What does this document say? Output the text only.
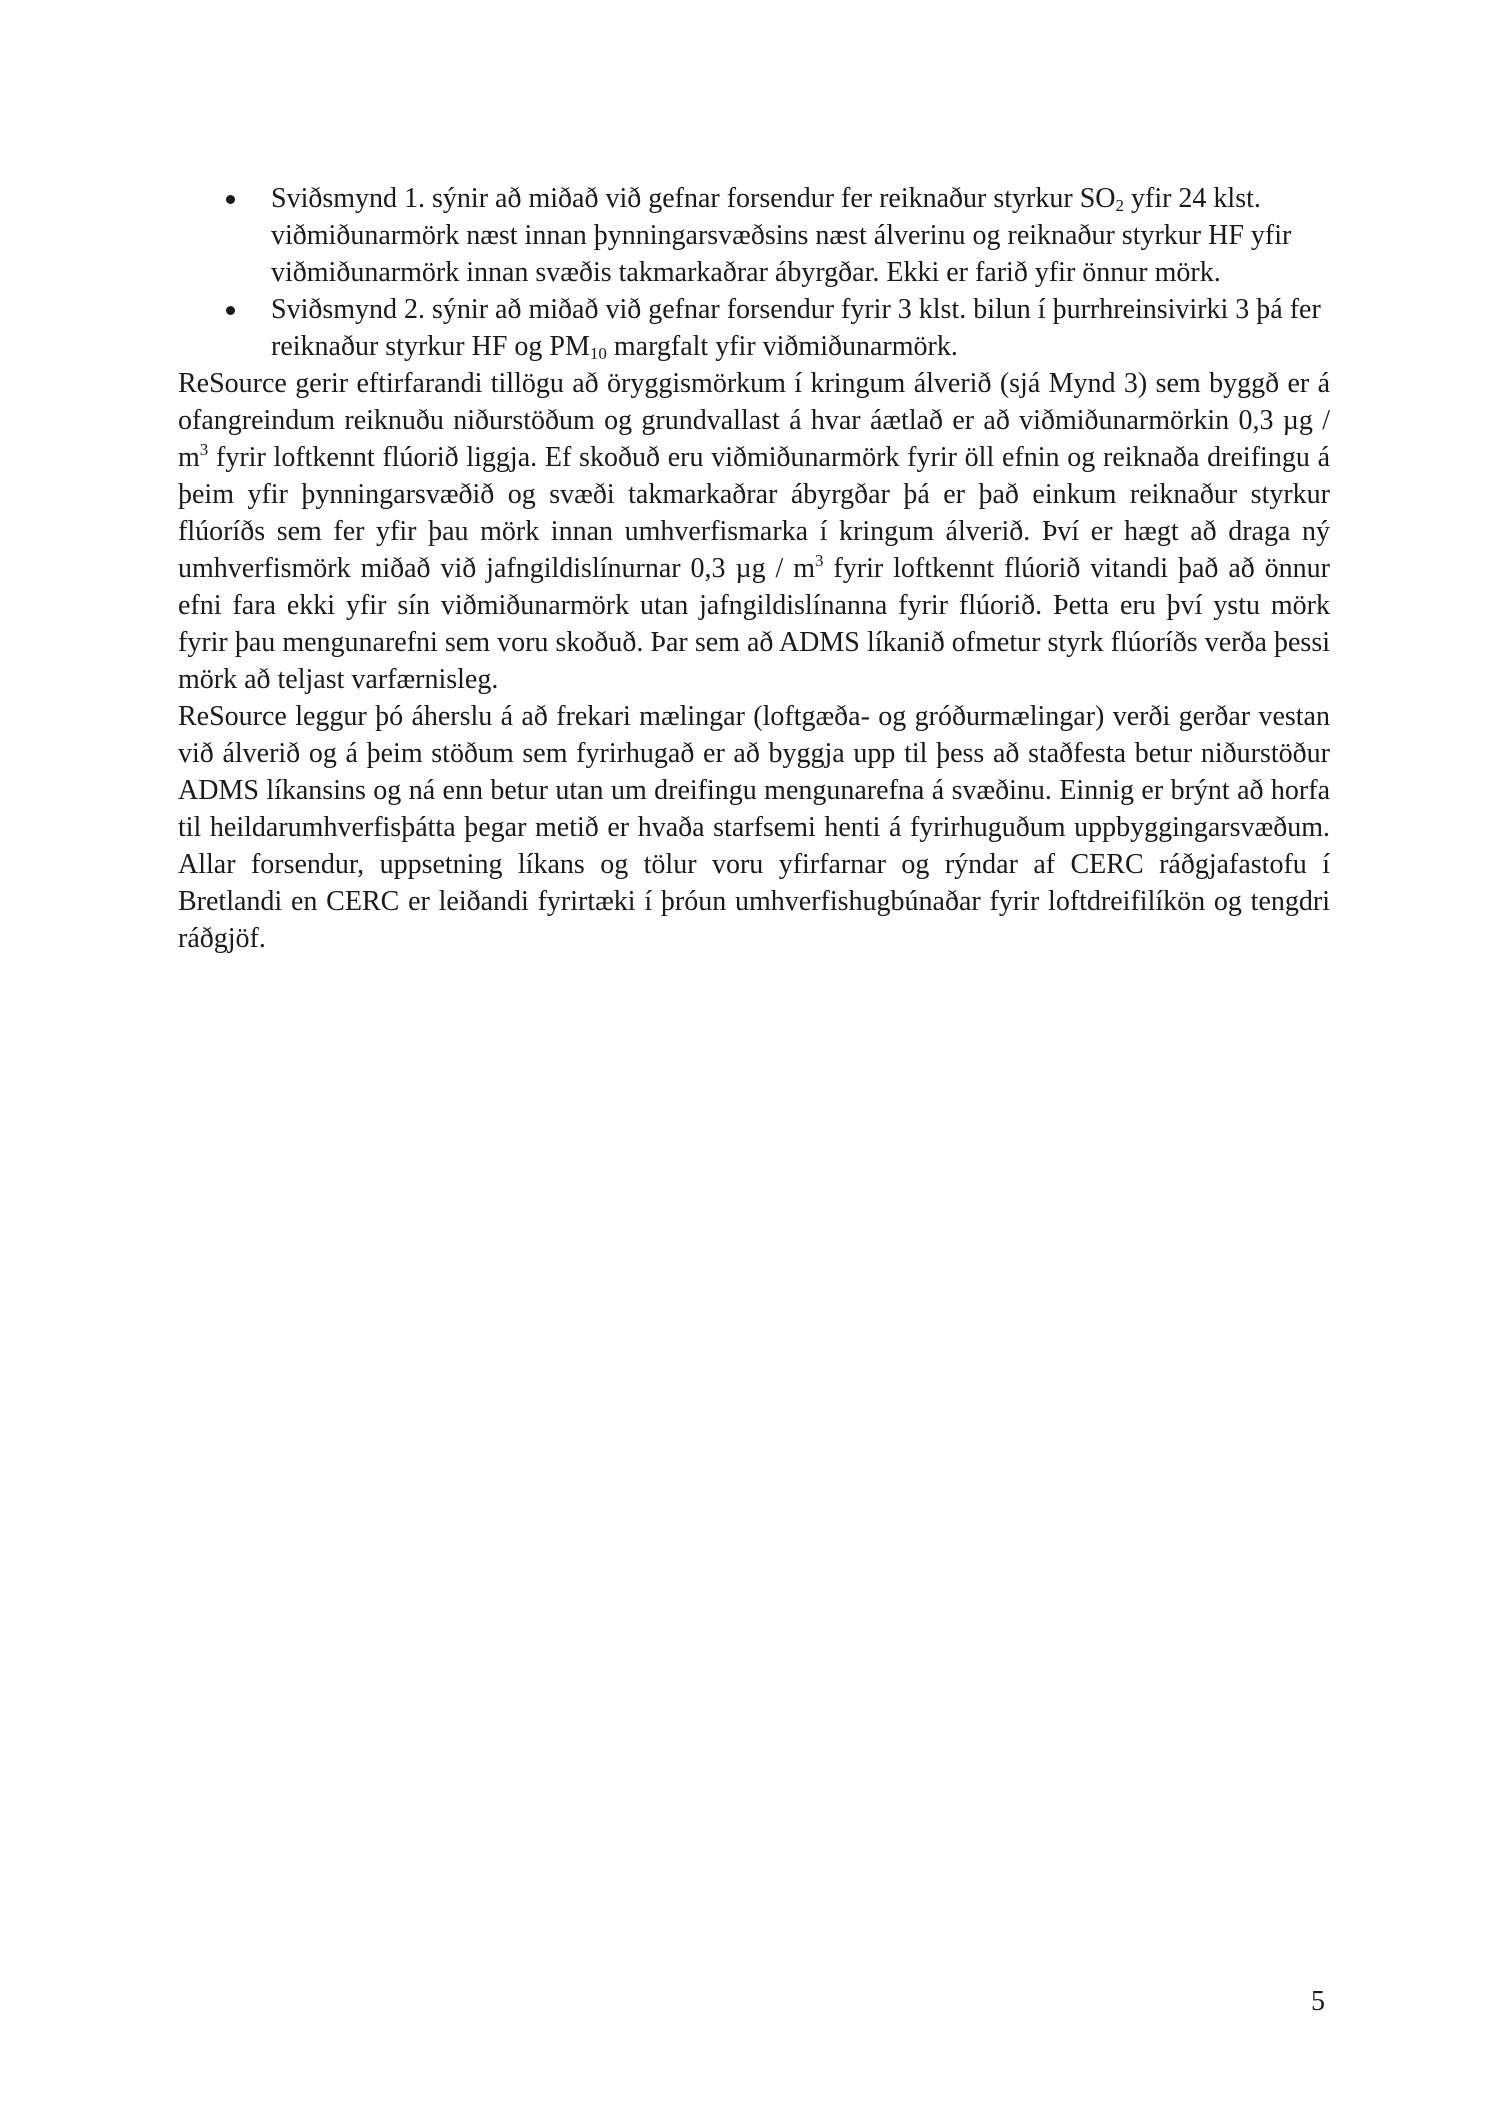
Sviðsmynd 1. sýnir að miðað við gefnar forsendur fer reiknaður styrkur $SO_2$ yfir 24 klst. viðmiðunarmörk næst innan þynningarsvæðsins næst álverinu og reiknaður styrkur HF yfir viðmiðunarmörk innan svæðis takmarkaðrar ábyrgðar. Ekki er farið yfir önnur mörk.
Sviðsmynd 2. sýnir að miðað við gefnar forsendur fyrir 3 klst. bilun í þurrhreinsivirki 3 þá fer reiknaður styrkur HF og $PM_{10}$ margfalt yfir viðmiðunarmörk.

ReSource gerir eftirfarandi tillögu að öryggismörkum í kringum álverið (sjá Mynd 3) sem byggð er á ofangreindum reiknuðu niðurstöðum og grundvallast á hvar áætlað er að viðmiðunarmörkin 0,3 µg / $m^3$ fyrir loftkennt flúorið liggja. Ef skoðuð eru viðmiðunarmörk fyrir öll efnin og reiknaða dreifingu á þeim yfir þynningarsvæðið og svæði takmarkaðrar ábyrgðar þá er það einkum reiknaður styrkur flúoríðs sem fer yfir þau mörk innan umhverfismarka í kringum álverið. Því er hægt að draga ný umhverfismörk miðað við jafngildislínurnar 0,3 µg / $m^3$ fyrir loftkennt flúorið vitandi það að önnur efni fara ekki yfir sín viðmiðunarmörk utan jafngildislínanna fyrir flúorið. Þetta eru því ystu mörk fyrir þau mengunarefni sem voru skoðuð. Þar sem að ADMS líkanið ofmetur styrk flúoríðs verða þessi mörk að teljast varfærnisleg.

ReSource leggur þó áherslu á að frekari mælingar (loftgæða- og gróðurmælingar) verði gerðar vestan við álverið og á þeim stöðum sem fyrirhugað er að byggja upp til þess að staðfesta betur niðurstöður ADMS líkansins og ná enn betur utan um dreifingu mengunarefna á svæðinu. Einnig er brýnt að horfa til heildarumhverfisþátta þegar metið er hvaða starfsemi henti á fyrirhuguðum uppbyggingarsvæðum. Allar forsendur, uppsetning líkans og tölur voru yfirfarnar og rýndar af CERC ráðgjafastofu í Bretlandi en CERC er leiðandi fyrirtæki í þróun umhverfishugbúnaðar fyrir loftdreifilíkön og tengdri ráðgjöf.

5
